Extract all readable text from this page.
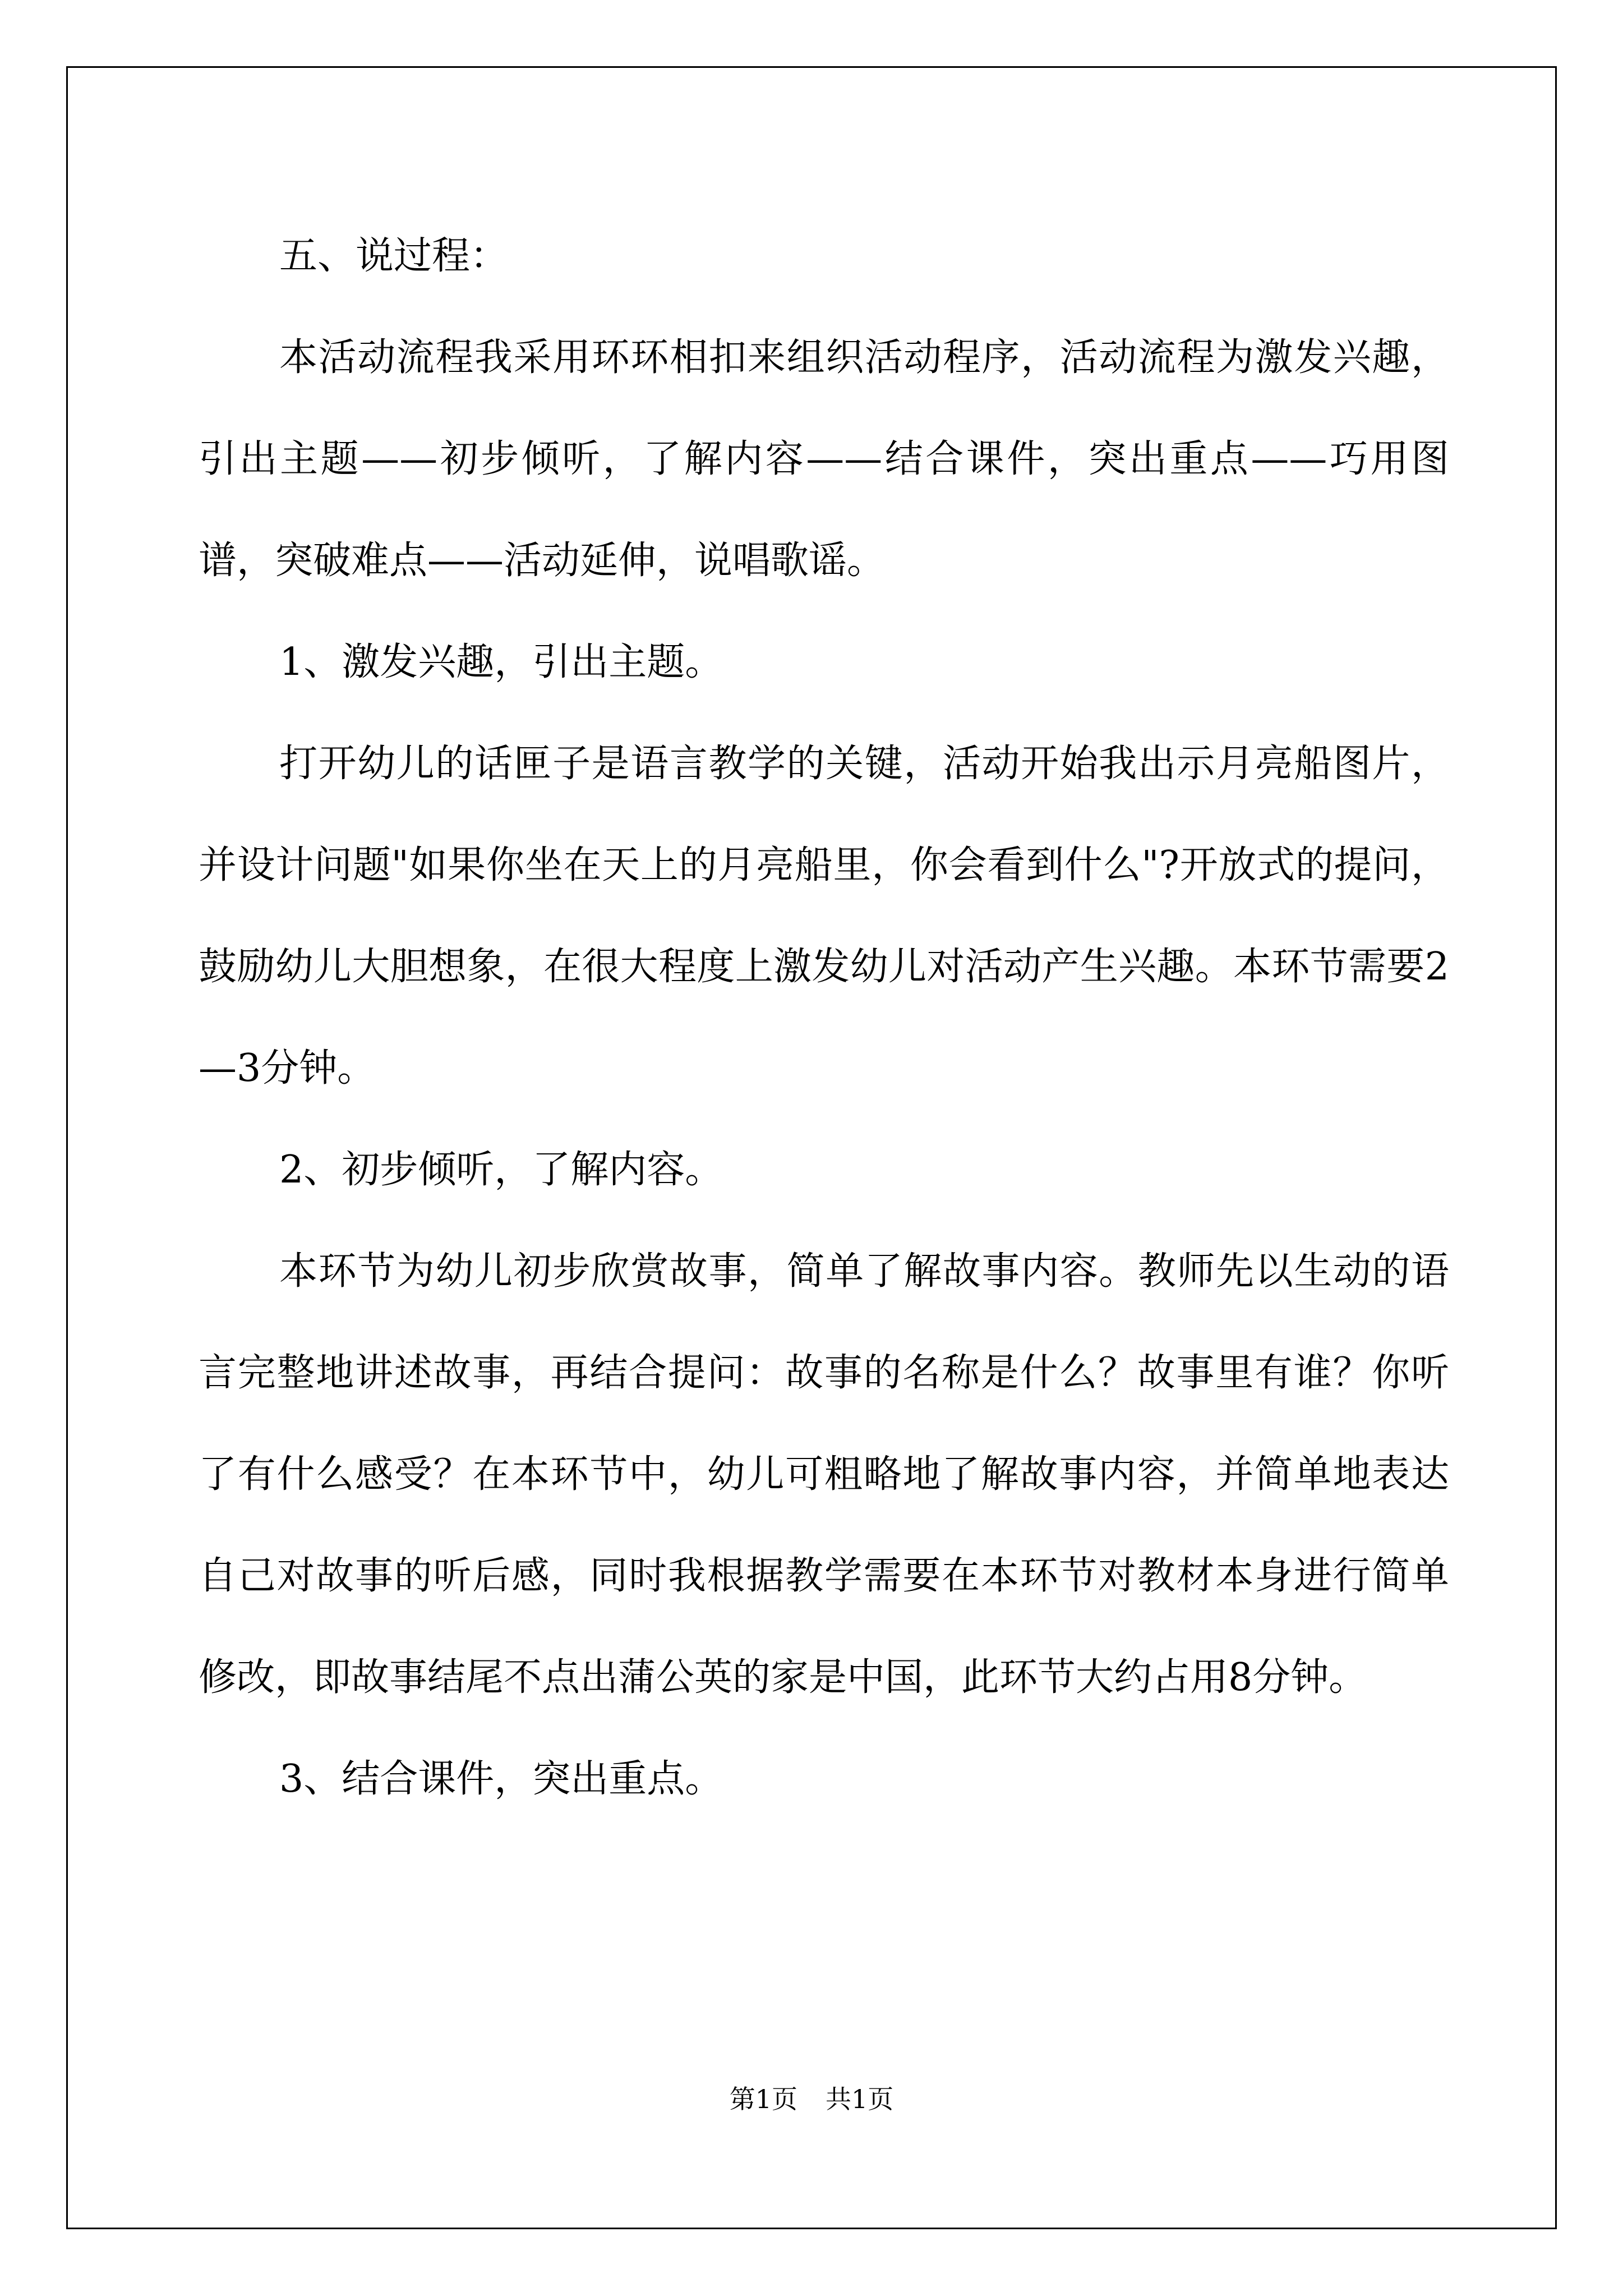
五、说过程：

本活动流程我采用环环相扣来组织活动程序，活动流程为激发兴趣，引出主题——初步倾听，了解内容——结合课件，突出重点——巧用图谱，突破难点——活动延伸，说唱歌谣。

1、激发兴趣，引出主题。

打开幼儿的话匣子是语言教学的关键，活动开始我出示月亮船图片，并设计问题"如果你坐在天上的月亮船里，你会看到什么"?开放式的提问，鼓励幼儿大胆想象，在很大程度上激发幼儿对活动产生兴趣。本环节需要2—3分钟。

2、初步倾听，了解内容。

本环节为幼儿初步欣赏故事，简单了解故事内容。教师先以生动的语言完整地讲述故事，再结合提问：故事的名称是什么？故事里有谁？你听了有什么感受？在本环节中，幼儿可粗略地了解故事内容，并简单地表达自己对故事的听后感，同时我根据教学需要在本环节对教材本身进行简单修改，即故事结尾不点出蒲公英的家是中国，此环节大约占用8分钟。

3、结合课件，突出重点。

第1页 共1页
